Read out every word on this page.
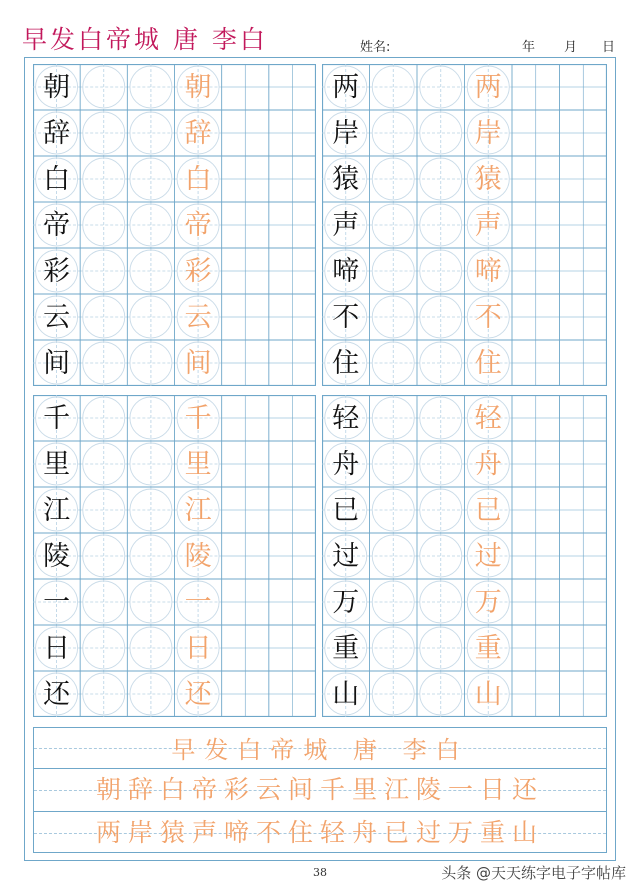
早发白帝城 唐 李白	姓名:	年 月 日
朝	朝
辞	辞
白	白
帝	帝
彩	彩
云	云
间	间
两	两
岸	岸
猿	猿
声	声
啼	啼
不	不
住	住
千	千
里	里
江	江
陵	陵
一	一
日	日
还	还
轻	轻
舟	舟
已	已
过	过
万	万
重	重
山	山
早发白帝城 唐 李白
朝辞白帝彩云间千里江陵一日还
两岸猿声啼不住轻舟已过万重山
38	头条 @天天练字电子字帖库
